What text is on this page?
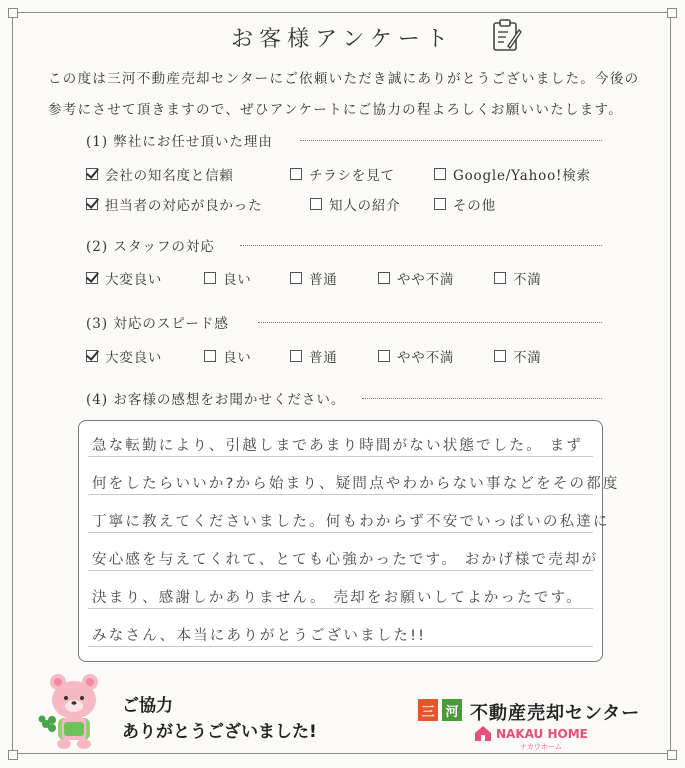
お客様アンケート
この度は三河不動産売却センターにご依頼いただき誠にありがとうございました。今後の
参考にさせて頂きますので、ぜひアンケートにご協力の程よろしくお願いいたします。
(1) 弊社にお任せ頂いた理由
会社の知名度と信頼	チラシを見て	Google/Yahoo!検索
担当者の対応が良かった	知人の紹介	その他
(2) スタッフの対応
大変良い	良い	普通	やや不満	不満
(3) 対応のスピード感
大変良い	良い	普通	やや不満	不満
(4) お客様の感想をお聞かせください。
急な転勤により、引越しまであまり時間がない状態でした。 まず
何をしたらいいか?から始まり、疑問点やわからない事などをその都度
丁寧に教えてくださいました。何もわからず不安でいっぱいの私達に
安心感を与えてくれて、とても心強かったです。 おかげ様で売却が
決まり、感謝しかありません。 売却をお願いしてよかったです。
みなさん、本当にありがとうございました!!
ご協力
ありがとうございました!
三 河 不動産売却センター
NAKAU HOME
ナカウホーム
